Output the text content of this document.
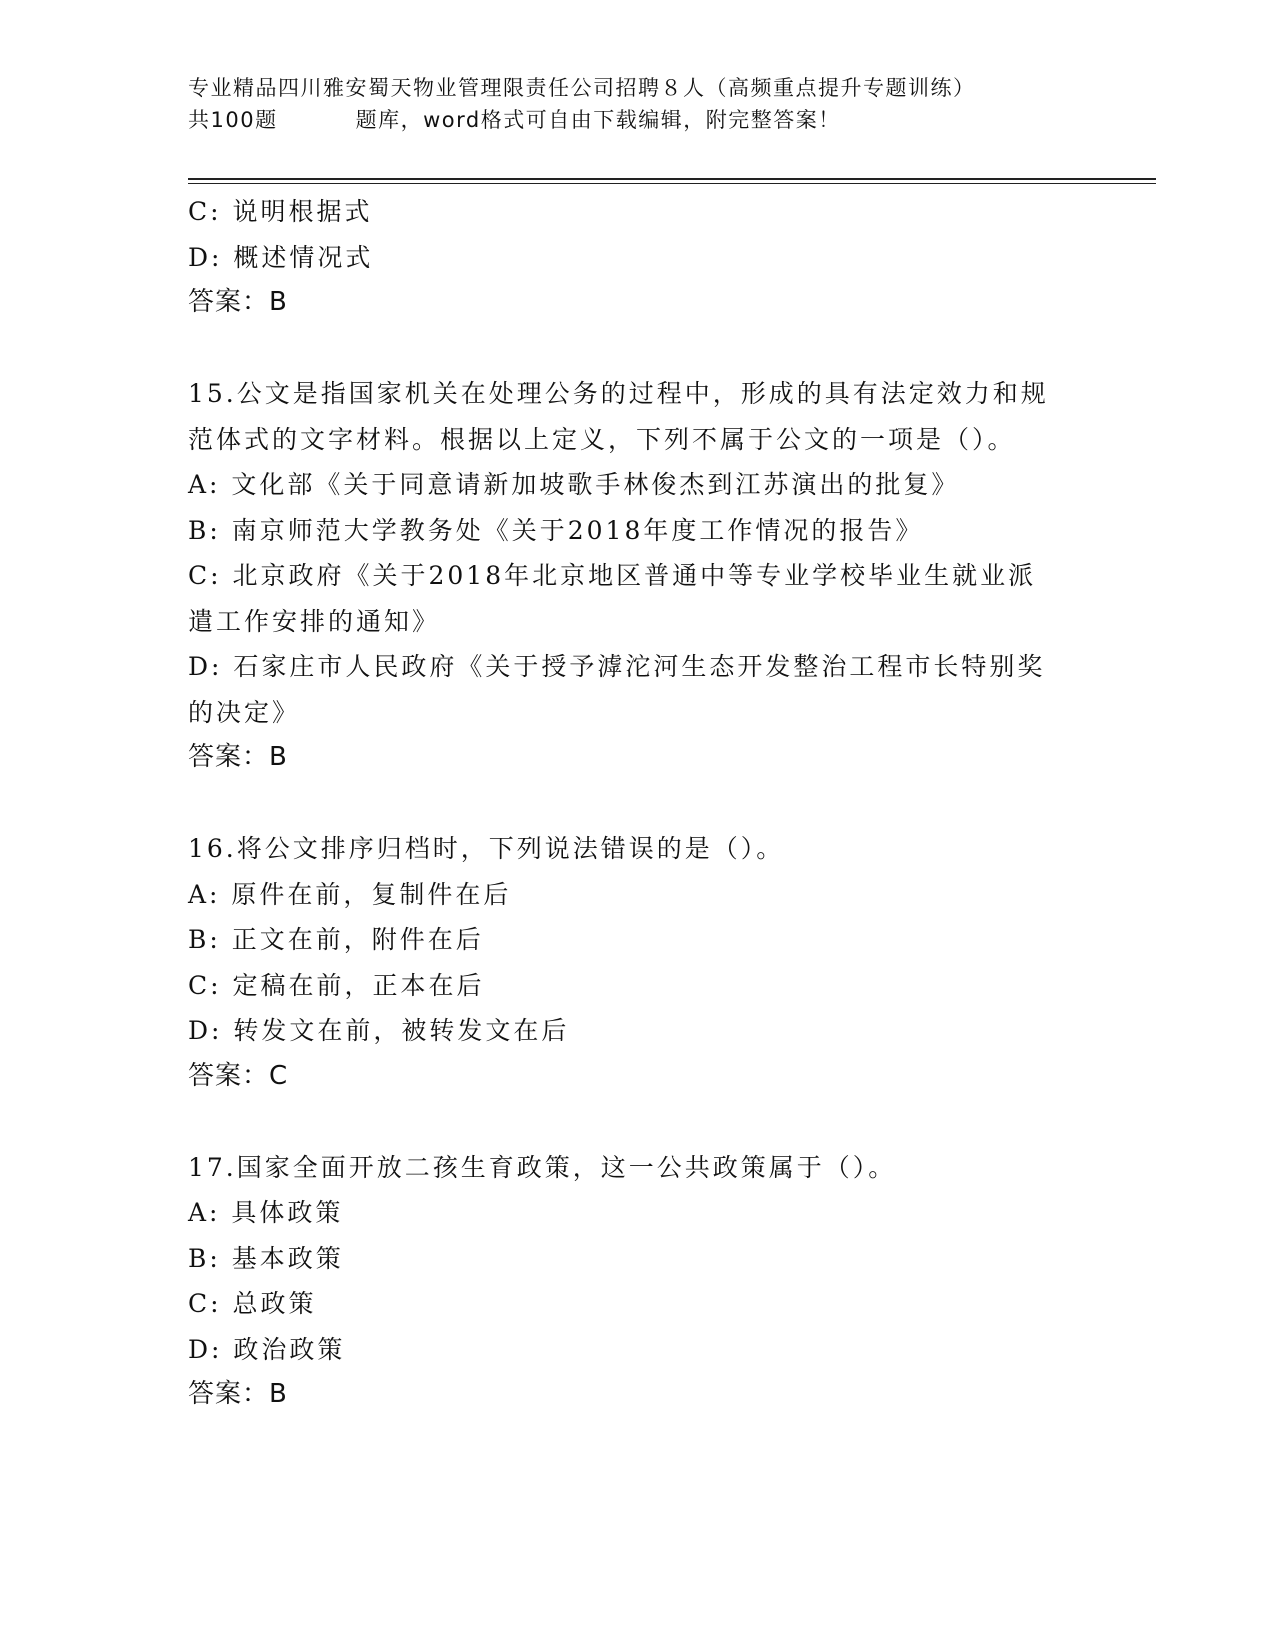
专业精品四川雅安蜀天物业管理限责任公司招聘８人（高频重点提升专题训练）
共100题	题库，word格式可自由下载编辑，附完整答案！

C: 说明根据式

D: 概述情况式

答案：B

15.公文是指国家机关在处理公务的过程中，形成的具有法定效力和规

范体式的文字材料。根据以上定义，下列不属于公文的一项是（）。

A: 文化部《关于同意请新加坡歌手林俊杰到江苏演出的批复》

B: 南京师范大学教务处《关于2018年度工作情况的报告》

C: 北京政府《关于2018年北京地区普通中等专业学校毕业生就业派

遣工作安排的通知》

D: 石家庄市人民政府《关于授予滹沱河生态开发整治工程市长特别奖

的决定》

答案：B

16.将公文排序归档时，下列说法错误的是（）。

A: 原件在前，复制件在后

B: 正文在前，附件在后

C: 定稿在前，正本在后

D: 转发文在前，被转发文在后

答案：C

17.国家全面开放二孩生育政策，这一公共政策属于（）。

A: 具体政策

B: 基本政策

C: 总政策

D: 政治政策

答案：B
